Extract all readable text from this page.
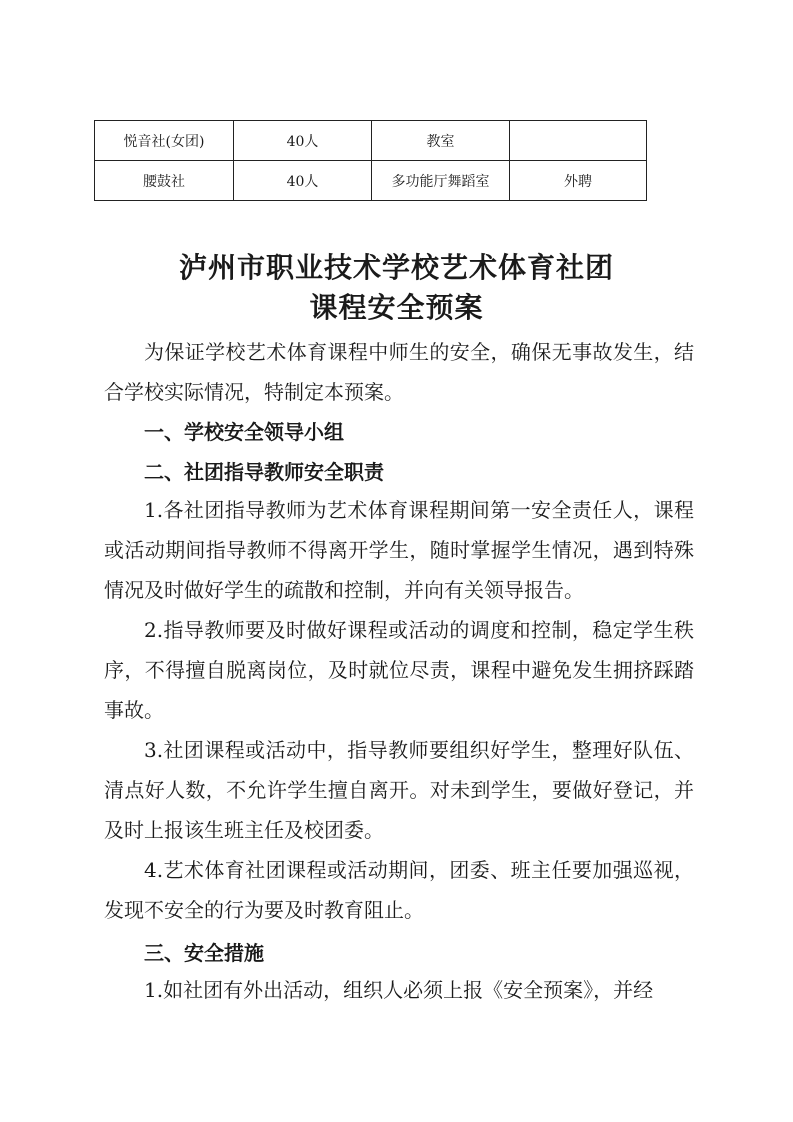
悦音社(女团)	40人	教室	
腰鼓社	40人	多功能厅舞蹈室	外聘
泸州市职业技术学校艺术体育社团
课程安全预案
为保证学校艺术体育课程中师生的安全，确保无事故发生，结合学校实际情况，特制定本预案。
一、学校安全领导小组
二、社团指导教师安全职责
1.各社团指导教师为艺术体育课程期间第一安全责任人，课程或活动期间指导教师不得离开学生，随时掌握学生情况，遇到特殊情况及时做好学生的疏散和控制，并向有关领导报告。
2.指导教师要及时做好课程或活动的调度和控制，稳定学生秩序，不得擅自脱离岗位，及时就位尽责，课程中避免发生拥挤踩踏事故。
3.社团课程或活动中，指导教师要组织好学生，整理好队伍、清点好人数，不允许学生擅自离开。对未到学生，要做好登记，并及时上报该生班主任及校团委。
4.艺术体育社团课程或活动期间，团委、班主任要加强巡视，发现不安全的行为要及时教育阻止。
三、安全措施
1.如社团有外出活动，组织人必须上报《安全预案》，并经
